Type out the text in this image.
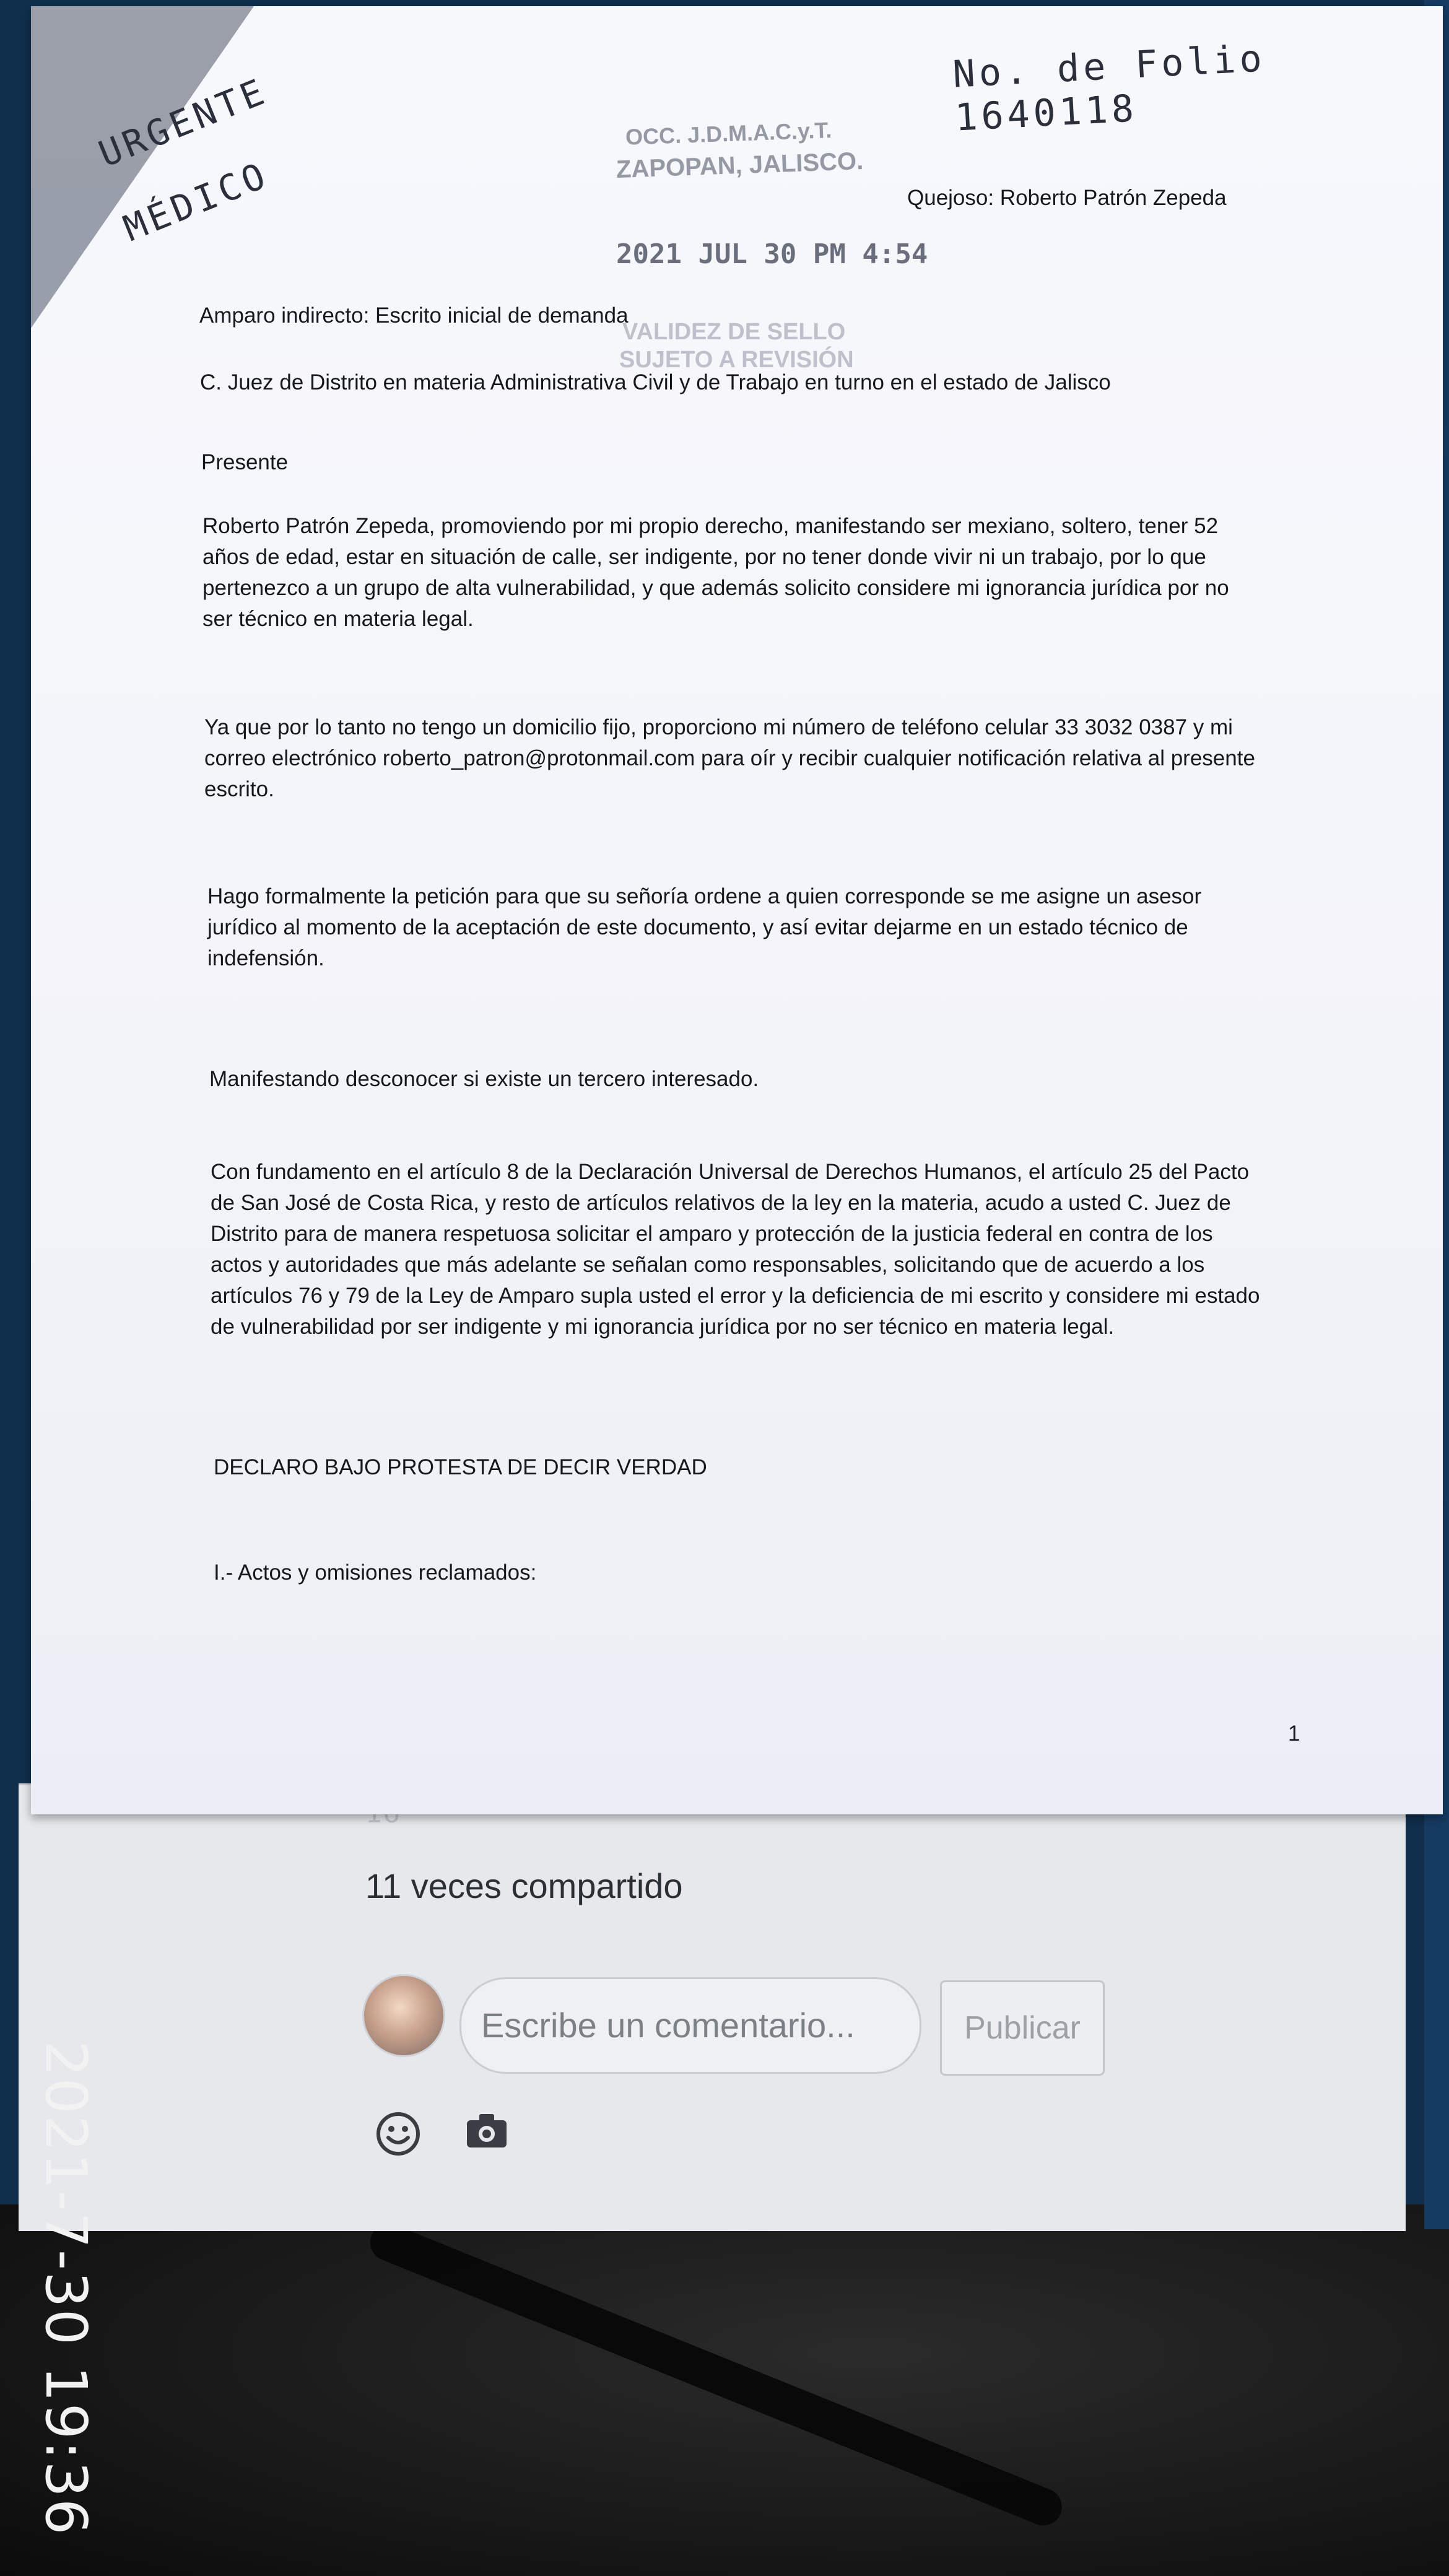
11 veces compartido
Escribe un comentario...	Publicar
No. de Folio 1640118
URGENTE
MÉDICO
OCC. J.D.M.A.C.y.T.
ZAPOPAN, JALISCO.
2021 JUL 30 PM 4:54
VALIDEZ DE SELLO
SUJETO A REVISIÓN
Quejoso: Roberto Patrón Zepeda
Amparo indirecto: Escrito inicial de demanda
C. Juez de Distrito en materia Administrativa Civil y de Trabajo en turno en el estado de Jalisco
Presente
Roberto Patrón Zepeda, promoviendo por mi propio derecho, manifestando ser mexiano, soltero, tener 52 años de edad, estar en situación de calle, ser indigente, por no tener donde vivir ni un trabajo, por lo que pertenezco a un grupo de alta vulnerabilidad, y que además solicito considere mi ignorancia jurídica por no ser técnico en materia legal.
Ya que por lo tanto no tengo un domicilio fijo, proporciono mi número de teléfono celular 33 3032 0387 y mi correo electrónico roberto_patron@protonmail.com para oír y recibir cualquier notificación relativa al presente escrito.
Hago formalmente la petición para que su señoría ordene a quien corresponde se me asigne un asesor jurídico al momento de la aceptación de este documento, y así evitar dejarme en un estado técnico de indefensión.
Manifestando desconocer si existe un tercero interesado.
Con fundamento en el artículo 8 de la Declaración Universal de Derechos Humanos, el artículo 25 del Pacto de San José de Costa Rica, y resto de artículos relativos de la ley en la materia, acudo a usted C. Juez de Distrito para de manera respetuosa solicitar el amparo y protección de la justicia federal en contra de los actos y autoridades que más adelante se señalan como responsables, solicitando que de acuerdo a los artículos 76 y 79 de la Ley de Amparo supla usted el error y la deficiencia de mi escrito y considere mi estado de vulnerabilidad por ser indigente y mi ignorancia jurídica por no ser técnico en materia legal.
DECLARO BAJO PROTESTA DE DECIR VERDAD
I.- Actos y omisiones reclamados:
1
2021-7-30 19:36
